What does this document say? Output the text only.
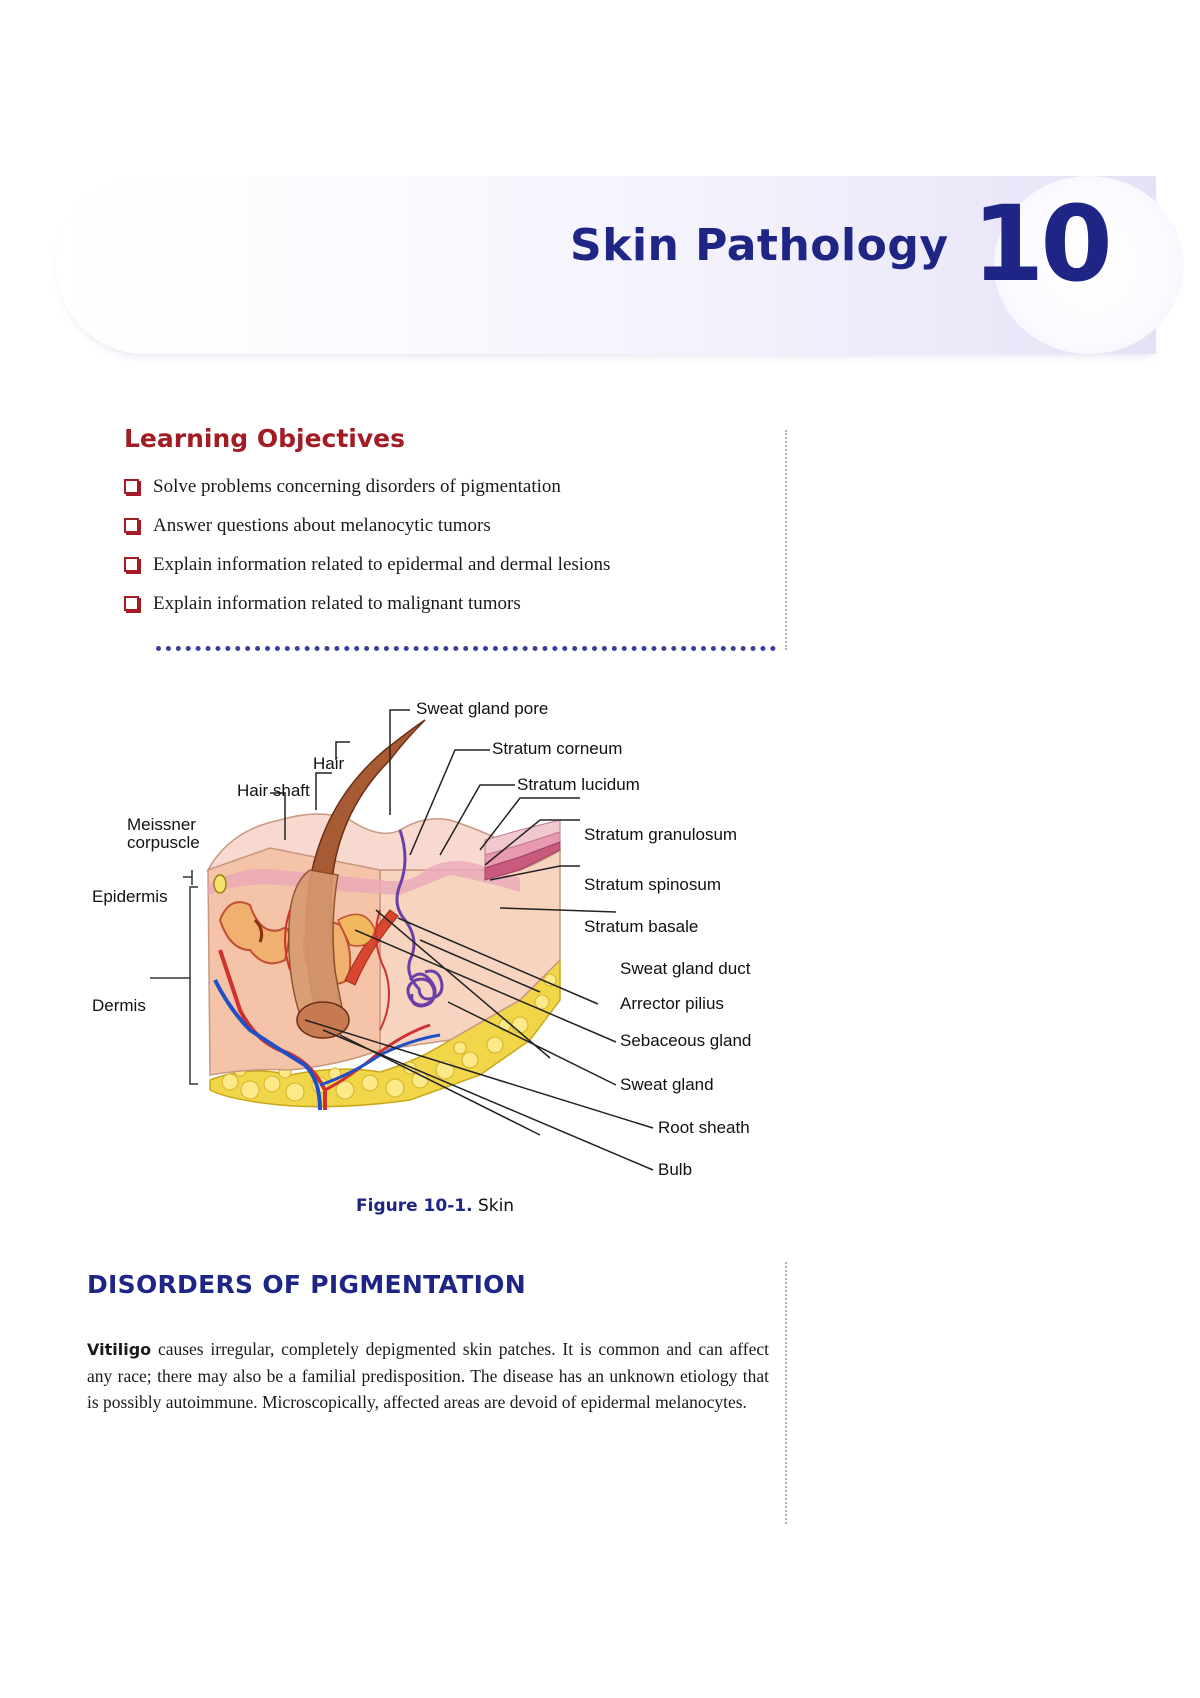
Skin Pathology 10
Learning Objectives
Solve problems concerning disorders of pigmentation
Answer questions about melanocytic tumors
Explain information related to epidermal and dermal lesions
Explain information related to malignant tumors
Sweat gland pore
Stratum corneum
Hair
Hair shaft	Stratum lucidum
Meissner
corpuscle	Stratum granulosum
Stratum spinosum
Epidermis
Stratum basale
Sweat gland duct
Arrector pilius
Dermis
Sebaceous gland
Sweat gland
Root sheath
Bulb
Figure 10-1. Skin
DISORDERS OF PIGMENTATION

Vitiligo causes irregular, completely depigmented skin patches. It is common and can affect any race; there may also be a familial predisposition. The disease has an unknown etiology that is possibly autoimmune. Microscopically, affected areas are devoid of epidermal melanocytes.
